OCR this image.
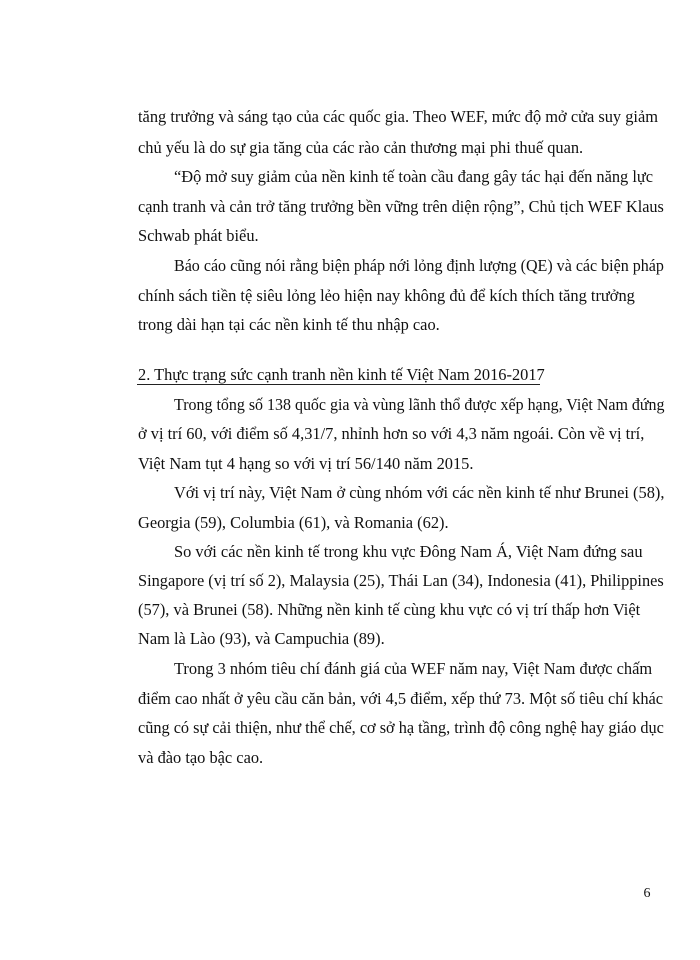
tăng trưởng và sáng tạo của các quốc gia. Theo WEF, mức độ mở cửa suy giảm
chủ yếu là do sự gia tăng của các rào cản thương mại phi thuế quan.
“Độ mở suy giảm của nền kinh tế toàn cầu đang gây tác hại đến năng lực
cạnh tranh và cản trở tăng trưởng bền vững trên diện rộng”, Chủ tịch WEF Klaus
Schwab phát biểu.
Báo cáo cũng nói rằng biện pháp nới lỏng định lượng (QE) và các biện pháp
chính sách tiền tệ siêu lỏng lẻo hiện nay không đủ để kích thích tăng trưởng
trong dài hạn tại các nền kinh tế thu nhập cao.
2. Thực trạng sức cạnh tranh nền kinh tế Việt Nam 2016-2017
Trong tổng số 138 quốc gia và vùng lãnh thổ được xếp hạng, Việt Nam đứng
ở vị trí 60, với điểm số 4,31/7, nhỉnh hơn so với 4,3 năm ngoái. Còn về vị trí,
Việt Nam tụt 4 hạng so với vị trí 56/140 năm 2015.
Với vị trí này, Việt Nam ở cùng nhóm với các nền kinh tế như Brunei (58),
Georgia (59), Columbia (61), và Romania (62).
So với các nền kinh tế trong khu vực Đông Nam Á, Việt Nam đứng sau
Singapore (vị trí số 2), Malaysia (25), Thái Lan (34), Indonesia (41), Philippines
(57), và Brunei (58). Những nền kinh tế cùng khu vực có vị trí thấp hơn Việt
Nam là Lào (93), và Campuchia (89).
Trong 3 nhóm tiêu chí đánh giá của WEF năm nay, Việt Nam được chấm
điểm cao nhất ở yêu cầu căn bản, với 4,5 điểm, xếp thứ 73. Một số tiêu chí khác
cũng có sự cải thiện, như thể chế, cơ sở hạ tầng, trình độ công nghệ hay giáo dục
và đào tạo bậc cao.
6
